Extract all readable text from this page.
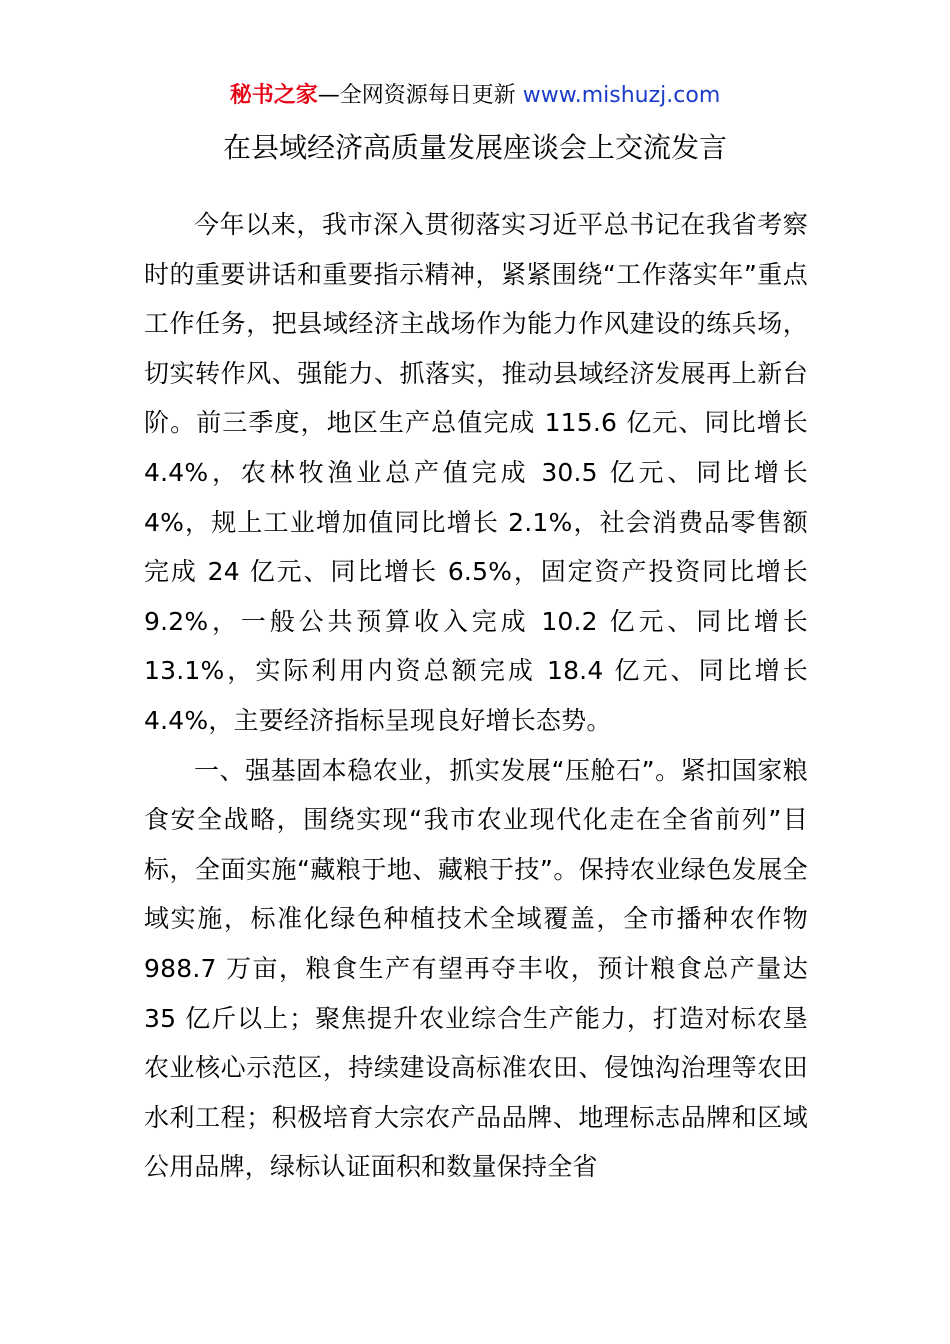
秘书之家—全网资源每日更新 www.mishuzj.com
在县域经济高质量发展座谈会上交流发言

今年以来，我市深入贯彻落实习近平总书记在我省考察时的重要讲话和重要指示精神，紧紧围绕“工作落实年”重点工作任务，把县域经济主战场作为能力作风建设的练兵场，切实转作风、强能力、抓落实，推动县域经济发展再上新台阶。前三季度，地区生产总值完成 115.6 亿元、同比增长 4.4%，农林牧渔业总产值完成 30.5 亿元、同比增长 4%，规上工业增加值同比增长 2.1%，社会消费品零售额完成 24 亿元、同比增长 6.5%，固定资产投资同比增长 9.2%，一般公共预算收入完成 10.2 亿元、同比增长 13.1%，实际利用内资总额完成 18.4 亿元、同比增长 4.4%，主要经济指标呈现良好增长态势。

一、强基固本稳农业，抓实发展“压舱石”。紧扣国家粮食安全战略，围绕实现“我市农业现代化走在全省前列”目标，全面实施“藏粮于地、藏粮于技”。保持农业绿色发展全域实施，标准化绿色种植技术全域覆盖，全市播种农作物 988.7 万亩，粮食生产有望再夺丰收，预计粮食总产量达 35 亿斤以上；聚焦提升农业综合生产能力，打造对标农垦农业核心示范区，持续建设高标准农田、侵蚀沟治理等农田水利工程；积极培育大宗农产品品牌、地理标志品牌和区域公用品牌，绿标认证面积和数量保持全省
